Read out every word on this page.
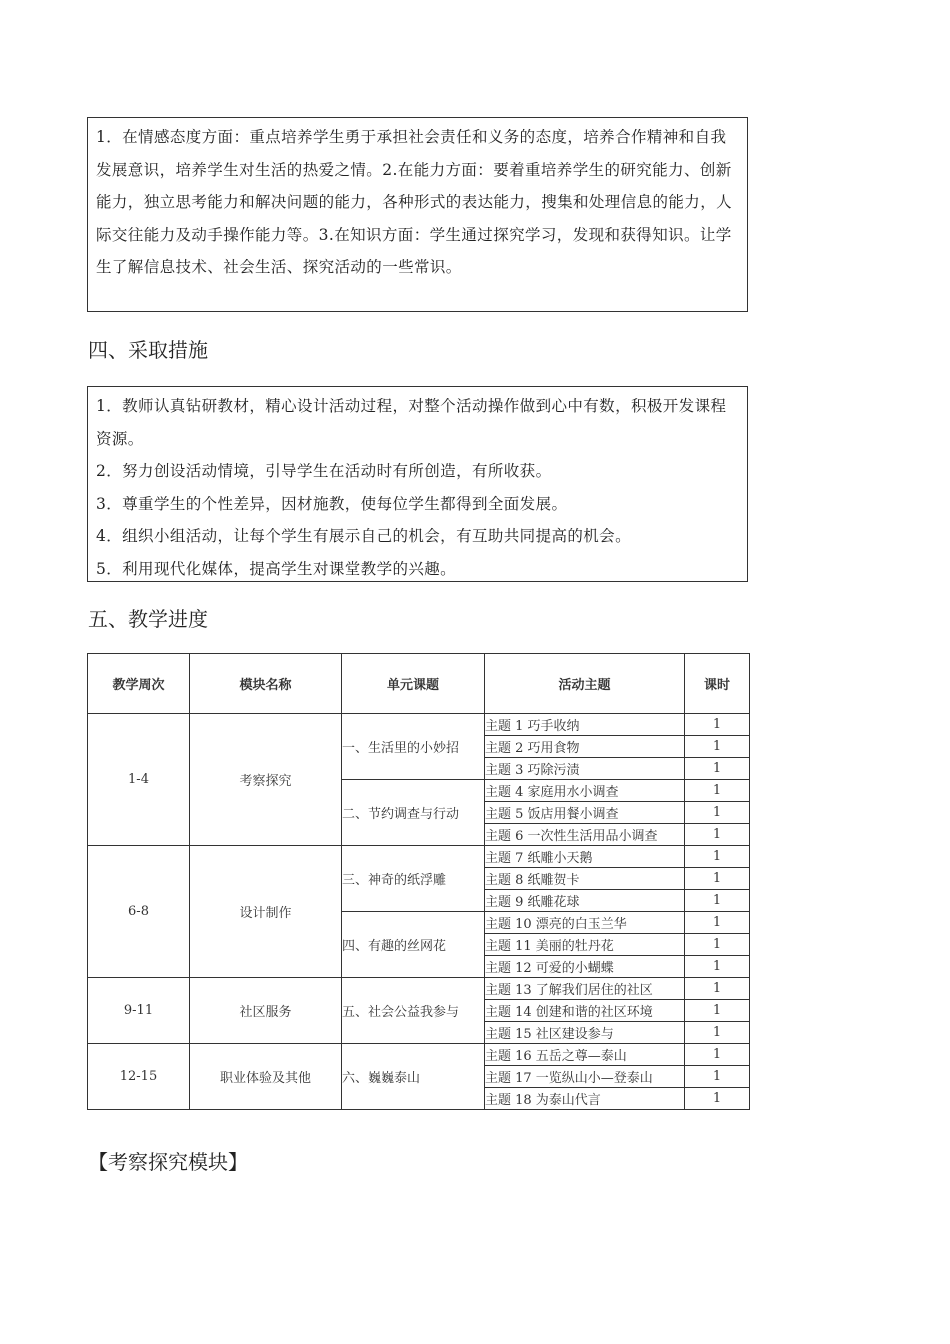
1．在情感态度方面：重点培养学生勇于承担社会责任和义务的态度，培养合作精神和自我发展意识，培养学生对生活的热爱之情。2.在能力方面：要着重培养学生的研究能力、创新能力，独立思考能力和解决问题的能力，各种形式的表达能力，搜集和处理信息的能力，人际交往能力及动手操作能力等。3.在知识方面：学生通过探究学习，发现和获得知识。让学生了解信息技术、社会生活、探究活动的一些常识。

四、采取措施

1．教师认真钻研教材，精心设计活动过程，对整个活动操作做到心中有数，积极开发课程资源。

2．努力创设活动情境，引导学生在活动时有所创造，有所收获。

3．尊重学生的个性差异，因材施教，使每位学生都得到全面发展。

4．组织小组活动，让每个学生有展示自己的机会，有互助共同提高的机会。

5．利用现代化媒体，提高学生对课堂教学的兴趣。

五、教学进度
教学周次	模块名称	单元课题	活动主题	课时
1-4	考察探究	一、生活里的小妙招	主题 1 巧手收纳	1
			主题 2 巧用食物	1
			主题 3 巧除污渍	1
		二、节约调查与行动	主题 4 家庭用水小调查	1
			主题 5 饭店用餐小调查	1
			主题 6 一次性生活用品小调查	1
6-8	设计制作	三、神奇的纸浮雕	主题 7 纸雕小天鹅	1
			主题 8 纸雕贺卡	1
			主题 9 纸雕花球	1
		四、有趣的丝网花	主题 10 漂亮的白玉兰华	1
			主题 11 美丽的牡丹花	1
			主题 12 可爱的小蝴蝶	1
9-11	社区服务	五、社会公益我参与	主题 13 了解我们居住的社区	1
			主题 14 创建和谐的社区环境	1
			主题 15 社区建设参与	1
12-15	职业体验及其他	六、巍巍泰山	主题 16 五岳之尊—泰山	1
			主题 17 一览纵山小—登泰山	1
			主题 18 为泰山代言	1
【考察探究模块】
